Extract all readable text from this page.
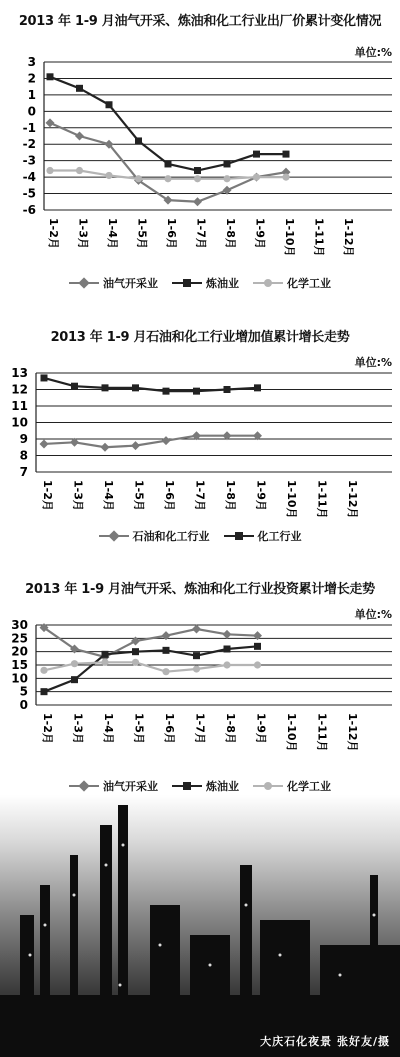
2013 年 1-9 月油气开采、炼油和化工行业出厂价累计变化情况
单位:%
3
2
1
0
-1
-2
-3
-4
-5
-6
1-2月 1-3月 1-4月 1-5月 1-6月 1-7月 1-8月 1-9月 1-10月 1-11月 1-12月
油气开采业	炼油业	化学工业
2013 年 1-9 月石油和化工行业增加值累计增长走势
单位:%
13
12
11
10
9
8
7
1-2月 1-3月 1-4月 1-5月 1-6月 1-7月 1-8月 1-9月 1-10月 1-11月 1-12月
石油和化工行业	化工行业
2013 年 1-9 月油气开采、炼油和化工行业投资累计增长走势
单位:%
30
25
20
15
10
5
0
1-2月 1-3月 1-4月 1-5月 1-6月 1-7月 1-8月 1-9月 1-10月 1-11月 1-12月
油气开采业	炼油业	化学工业
大庆石化夜景 张好友/摄
